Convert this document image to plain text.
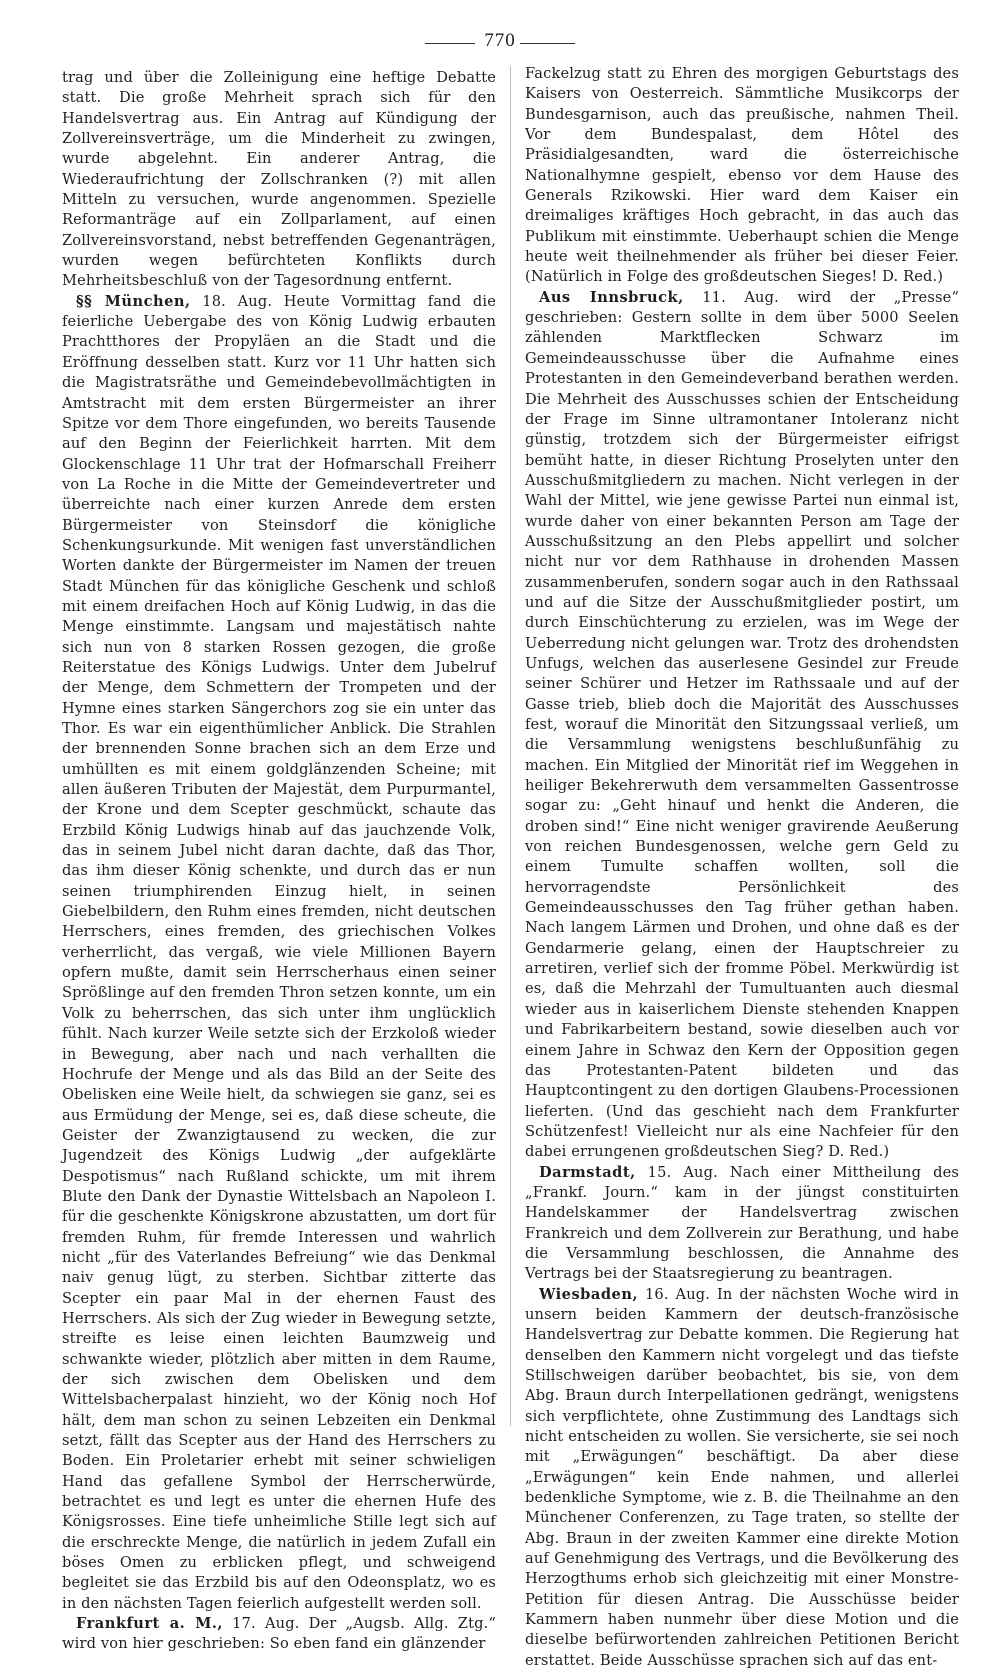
770

trag und über die Zolleinigung eine heftige Debatte statt. Die große Mehrheit sprach sich für den Handelsvertrag aus. Ein Antrag auf Kündigung der Zollvereinsverträge, um die Minderheit zu zwingen, wurde abgelehnt. Ein anderer Antrag, die Wiederaufrichtung der Zollschranken (?) mit allen Mitteln zu versuchen, wurde angenommen. Spezielle Reformanträge auf ein Zollparlament, auf einen Zollvereinsvorstand, nebst betreffenden Gegenanträgen, wurden wegen befürchteten Konflikts durch Mehrheitsbeschluß von der Tagesordnung entfernt.

§§ München, 18. Aug. Heute Vormittag fand die feierliche Uebergabe des von König Ludwig erbauten Prachtthores der Propyläen an die Stadt und die Eröffnung desselben statt. Kurz vor 11 Uhr hatten sich die Magistratsräthe und Gemeindebevollmächtigten in Amtstracht mit dem ersten Bürgermeister an ihrer Spitze vor dem Thore eingefunden, wo bereits Tausende auf den Beginn der Feierlichkeit harrten. Mit dem Glockenschlage 11 Uhr trat der Hofmarschall Freiherr von La Roche in die Mitte der Gemeindevertreter und überreichte nach einer kurzen Anrede dem ersten Bürgermeister von Steinsdorf die königliche Schenkungsurkunde. Mit wenigen fast unverständlichen Worten dankte der Bürgermeister im Namen der treuen Stadt München für das königliche Geschenk und schloß mit einem dreifachen Hoch auf König Ludwig, in das die Menge einstimmte. Langsam und majestätisch nahte sich nun von 8 starken Rossen gezogen, die große Reiterstatue des Königs Ludwigs. Unter dem Jubelruf der Menge, dem Schmettern der Trompeten und der Hymne eines starken Sängerchors zog sie ein unter das Thor. Es war ein eigenthümlicher Anblick. Die Strahlen der brennenden Sonne brachen sich an dem Erze und umhüllten es mit einem goldglänzenden Scheine; mit allen äußeren Tributen der Majestät, dem Purpurmantel, der Krone und dem Scepter geschmückt, schaute das Erzbild König Ludwigs hinab auf das jauchzende Volk, das in seinem Jubel nicht daran dachte, daß das Thor, das ihm dieser König schenkte, und durch das er nun seinen triumphirenden Einzug hielt, in seinen Giebelbildern, den Ruhm eines fremden, nicht deutschen Herrschers, eines fremden, des griechischen Volkes verherrlicht, das vergaß, wie viele Millionen Bayern opfern mußte, damit sein Herrscherhaus einen seiner Sprößlinge auf den fremden Thron setzen konnte, um ein Volk zu beherrschen, das sich unter ihm unglücklich fühlt. Nach kurzer Weile setzte sich der Erzkoloß wieder in Bewegung, aber nach und nach verhallten die Hochrufe der Menge und als das Bild an der Seite des Obelisken eine Weile hielt, da schwiegen sie ganz, sei es aus Ermüdung der Menge, sei es, daß diese scheute, die Geister der Zwanzigtausend zu wecken, die zur Jugendzeit des Königs Ludwig „der aufgeklärte Despotismus“ nach Rußland schickte, um mit ihrem Blute den Dank der Dynastie Wittelsbach an Napoleon I. für die geschenkte Königskrone abzustatten, um dort für fremden Ruhm, für fremde Interessen und wahrlich nicht „für des Vaterlandes Befreiung“ wie das Denkmal naiv genug lügt, zu sterben. Sichtbar zitterte das Scepter ein paar Mal in der ehernen Faust des Herrschers. Als sich der Zug wieder in Bewegung setzte, streifte es leise einen leichten Baumzweig und schwankte wieder, plötzlich aber mitten in dem Raume, der sich zwischen dem Obelisken und dem Wittelsbacherpalast hinzieht, wo der König noch Hof hält, dem man schon zu seinen Lebzeiten ein Denkmal setzt, fällt das Scepter aus der Hand des Herrschers zu Boden. Ein Proletarier erhebt mit seiner schwieligen Hand das gefallene Symbol der Herrscherwürde, betrachtet es und legt es unter die ehernen Hufe des Königsrosses. Eine tiefe unheimliche Stille legt sich auf die erschreckte Menge, die natürlich in jedem Zufall ein böses Omen zu erblicken pflegt, und schweigend begleitet sie das Erzbild bis auf den Odeonsplatz, wo es in den nächsten Tagen feierlich aufgestellt werden soll.

Frankfurt a. M., 17. Aug. Der „Augsb. Allg. Ztg.“ wird von hier geschrieben: So eben fand ein glänzender

Fackelzug statt zu Ehren des morgigen Geburtstags des Kaisers von Oesterreich. Sämmtliche Musikcorps der Bundesgarnison, auch das preußische, nahmen Theil. Vor dem Bundespalast, dem Hôtel des Präsidialgesandten, ward die österreichische Nationalhymne gespielt, ebenso vor dem Hause des Generals Rzikowski. Hier ward dem Kaiser ein dreimaliges kräftiges Hoch gebracht, in das auch das Publikum mit einstimmte. Ueberhaupt schien die Menge heute weit theilnehmender als früher bei dieser Feier. (Natürlich in Folge des großdeutschen Sieges! D. Red.)

Aus Innsbruck, 11. Aug. wird der „Presse“ geschrieben: Gestern sollte in dem über 5000 Seelen zählenden Marktflecken Schwarz im Gemeindeausschusse über die Aufnahme eines Protestanten in den Gemeindeverband berathen werden. Die Mehrheit des Ausschusses schien der Entscheidung der Frage im Sinne ultramontaner Intoleranz nicht günstig, trotzdem sich der Bürgermeister eifrigst bemüht hatte, in dieser Richtung Proselyten unter den Ausschußmitgliedern zu machen. Nicht verlegen in der Wahl der Mittel, wie jene gewisse Partei nun einmal ist, wurde daher von einer bekannten Person am Tage der Ausschußsitzung an den Plebs appellirt und solcher nicht nur vor dem Rathhause in drohenden Massen zusammenberufen, sondern sogar auch in den Rathssaal und auf die Sitze der Ausschußmitglieder postirt, um durch Einschüchterung zu erzielen, was im Wege der Ueberredung nicht gelungen war. Trotz des drohendsten Unfugs, welchen das auserlesene Gesindel zur Freude seiner Schürer und Hetzer im Rathssaale und auf der Gasse trieb, blieb doch die Majorität des Ausschusses fest, worauf die Minorität den Sitzungssaal verließ, um die Versammlung wenigstens beschlußunfähig zu machen. Ein Mitglied der Minorität rief im Weggehen in heiliger Bekehrerwuth dem versammelten Gassentrosse sogar zu: „Geht hinauf und henkt die Anderen, die droben sind!“ Eine nicht weniger gravirende Aeußerung von reichen Bundesgenossen, welche gern Geld zu einem Tumulte schaffen wollten, soll die hervorragendste Persönlichkeit des Gemeindeausschusses den Tag früher gethan haben. Nach langem Lärmen und Drohen, und ohne daß es der Gendarmerie gelang, einen der Hauptschreier zu arretiren, verlief sich der fromme Pöbel. Merkwürdig ist es, daß die Mehrzahl der Tumultuanten auch diesmal wieder aus in kaiserlichem Dienste stehenden Knappen und Fabrikarbeitern bestand, sowie dieselben auch vor einem Jahre in Schwaz den Kern der Opposition gegen das Protestanten-Patent bildeten und das Hauptcontingent zu den dortigen Glaubens-Processionen lieferten. (Und das geschieht nach dem Frankfurter Schützenfest! Vielleicht nur als eine Nachfeier für den dabei errungenen großdeutschen Sieg? D. Red.)

Darmstadt, 15. Aug. Nach einer Mittheilung des „Frankf. Journ.“ kam in der jüngst constituirten Handelskammer der Handelsvertrag zwischen Frankreich und dem Zollverein zur Berathung, und habe die Versammlung beschlossen, die Annahme des Vertrags bei der Staatsregierung zu beantragen.

Wiesbaden, 16. Aug. In der nächsten Woche wird in unsern beiden Kammern der deutsch-französische Handelsvertrag zur Debatte kommen. Die Regierung hat denselben den Kammern nicht vorgelegt und das tiefste Stillschweigen darüber beobachtet, bis sie, von dem Abg. Braun durch Interpellationen gedrängt, wenigstens sich verpflichtete, ohne Zustimmung des Landtags sich nicht entscheiden zu wollen. Sie versicherte, sie sei noch mit „Erwägungen“ beschäftigt. Da aber diese „Erwägungen“ kein Ende nahmen, und allerlei bedenkliche Symptome, wie z. B. die Theilnahme an den Münchener Conferenzen, zu Tage traten, so stellte der Abg. Braun in der zweiten Kammer eine direkte Motion auf Genehmigung des Vertrags, und die Bevölkerung des Herzogthums erhob sich gleichzeitig mit einer Monstre-Petition für diesen Antrag. Die Ausschüsse beider Kammern haben nunmehr über diese Motion und die dieselbe befürwortenden zahlreichen Petitionen Bericht erstattet. Beide Ausschüsse sprachen sich auf das ent-
